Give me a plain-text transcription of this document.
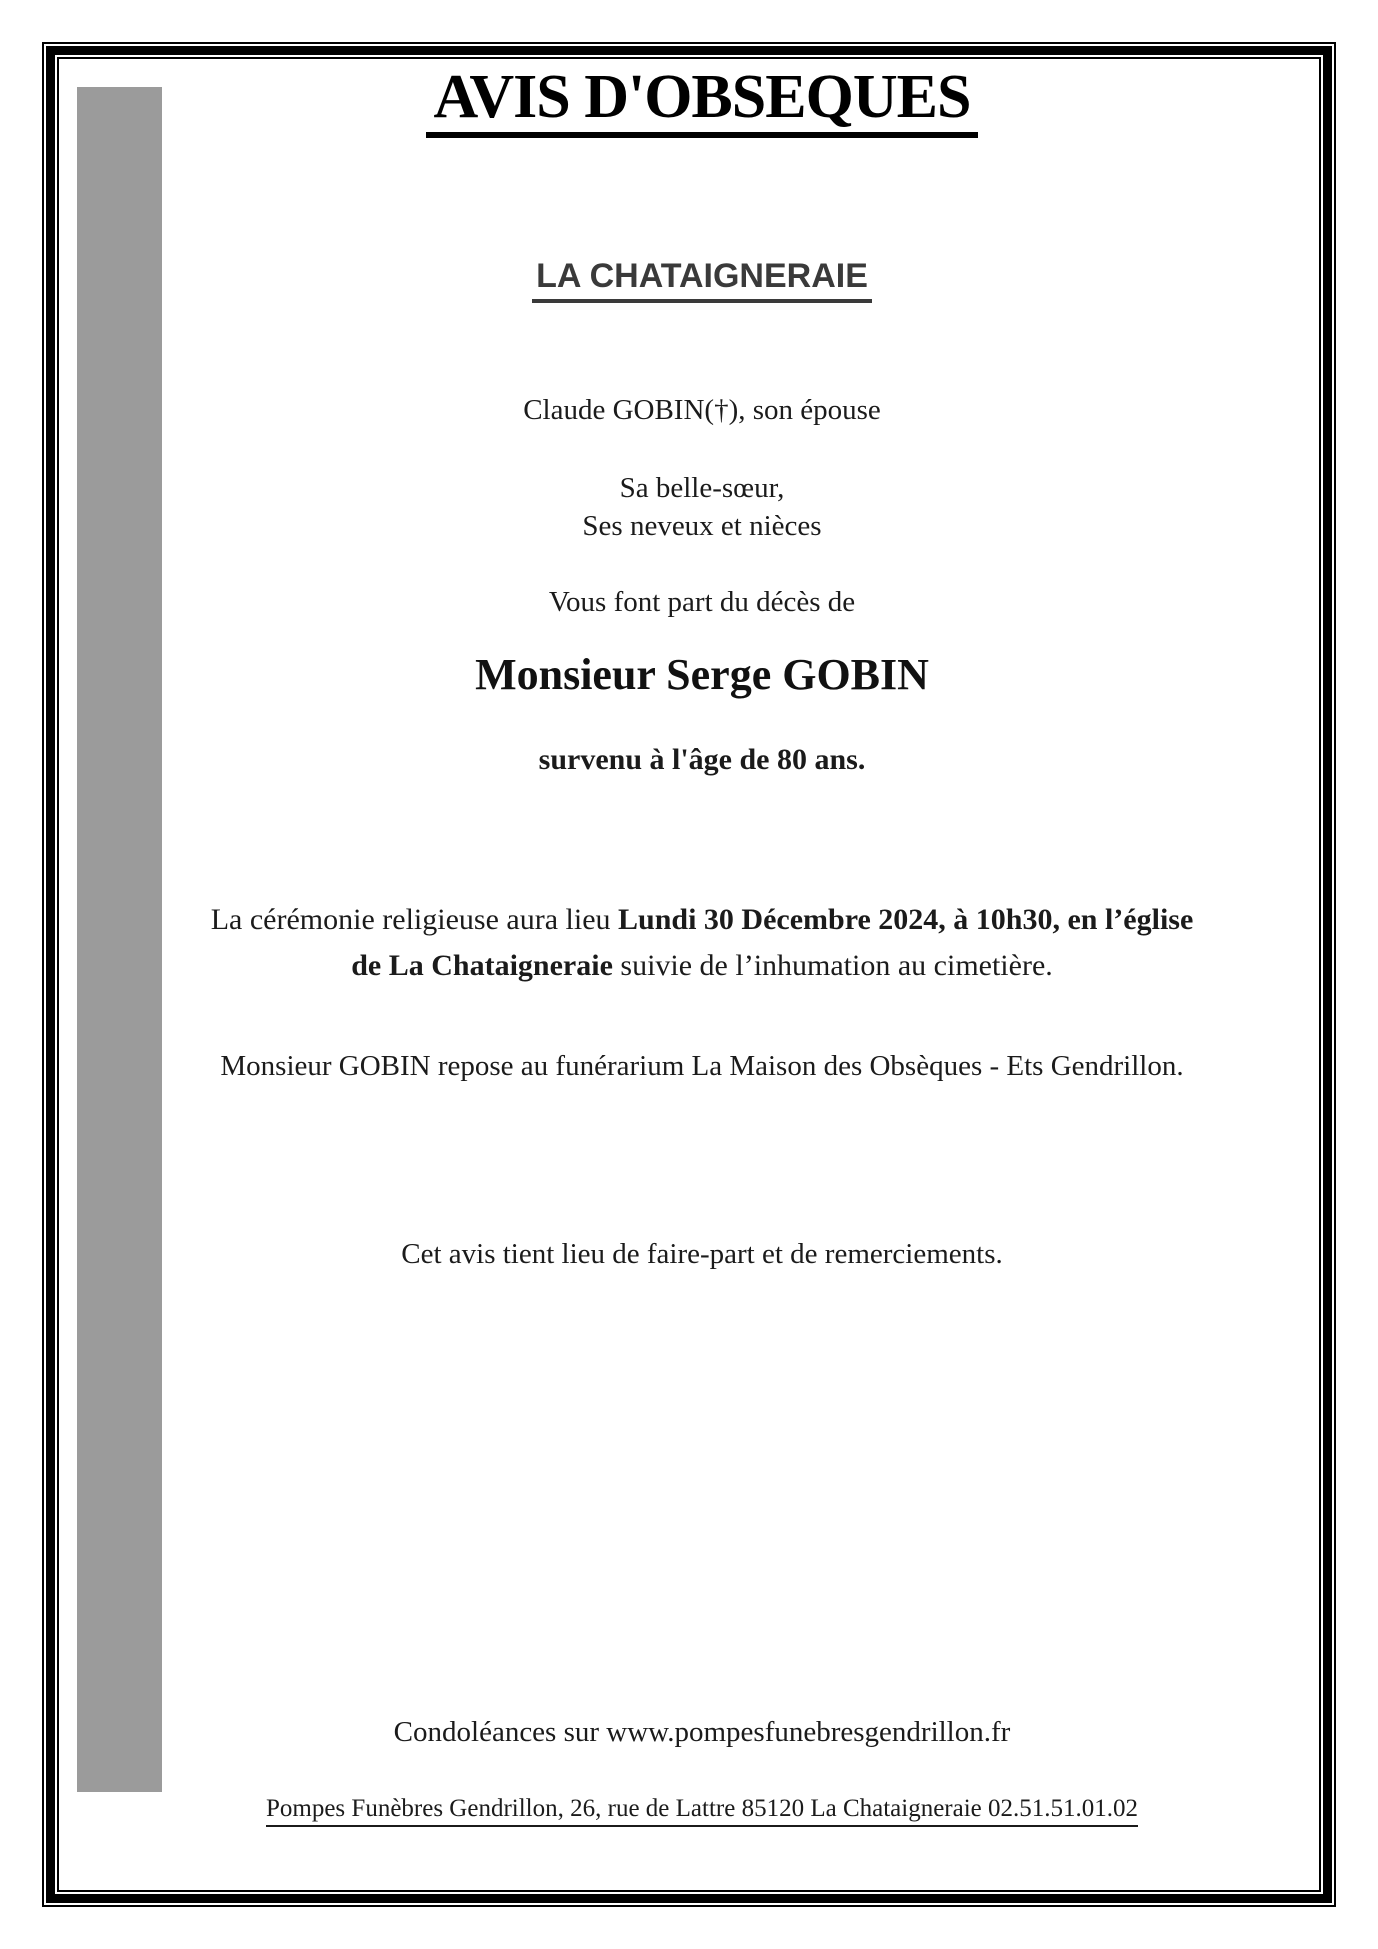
AVIS D'OBSEQUES
LA CHATAIGNERAIE
Claude GOBIN(†), son épouse
Sa belle-sœur,
Ses neveux et nièces
Vous font part du décès de
Monsieur Serge GOBIN
survenu à l'âge de 80 ans.
La cérémonie religieuse aura lieu Lundi 30 Décembre 2024, à 10h30, en l’église
de La Chataigneraie suivie de l’inhumation au cimetière.
Monsieur GOBIN repose au funérarium La Maison des Obsèques - Ets Gendrillon.
Cet avis tient lieu de faire-part et de remerciements.
Condoléances sur www.pompesfunebresgendrillon.fr
Pompes Funèbres Gendrillon, 26, rue de Lattre 85120 La Chataigneraie 02.51.51.01.02
